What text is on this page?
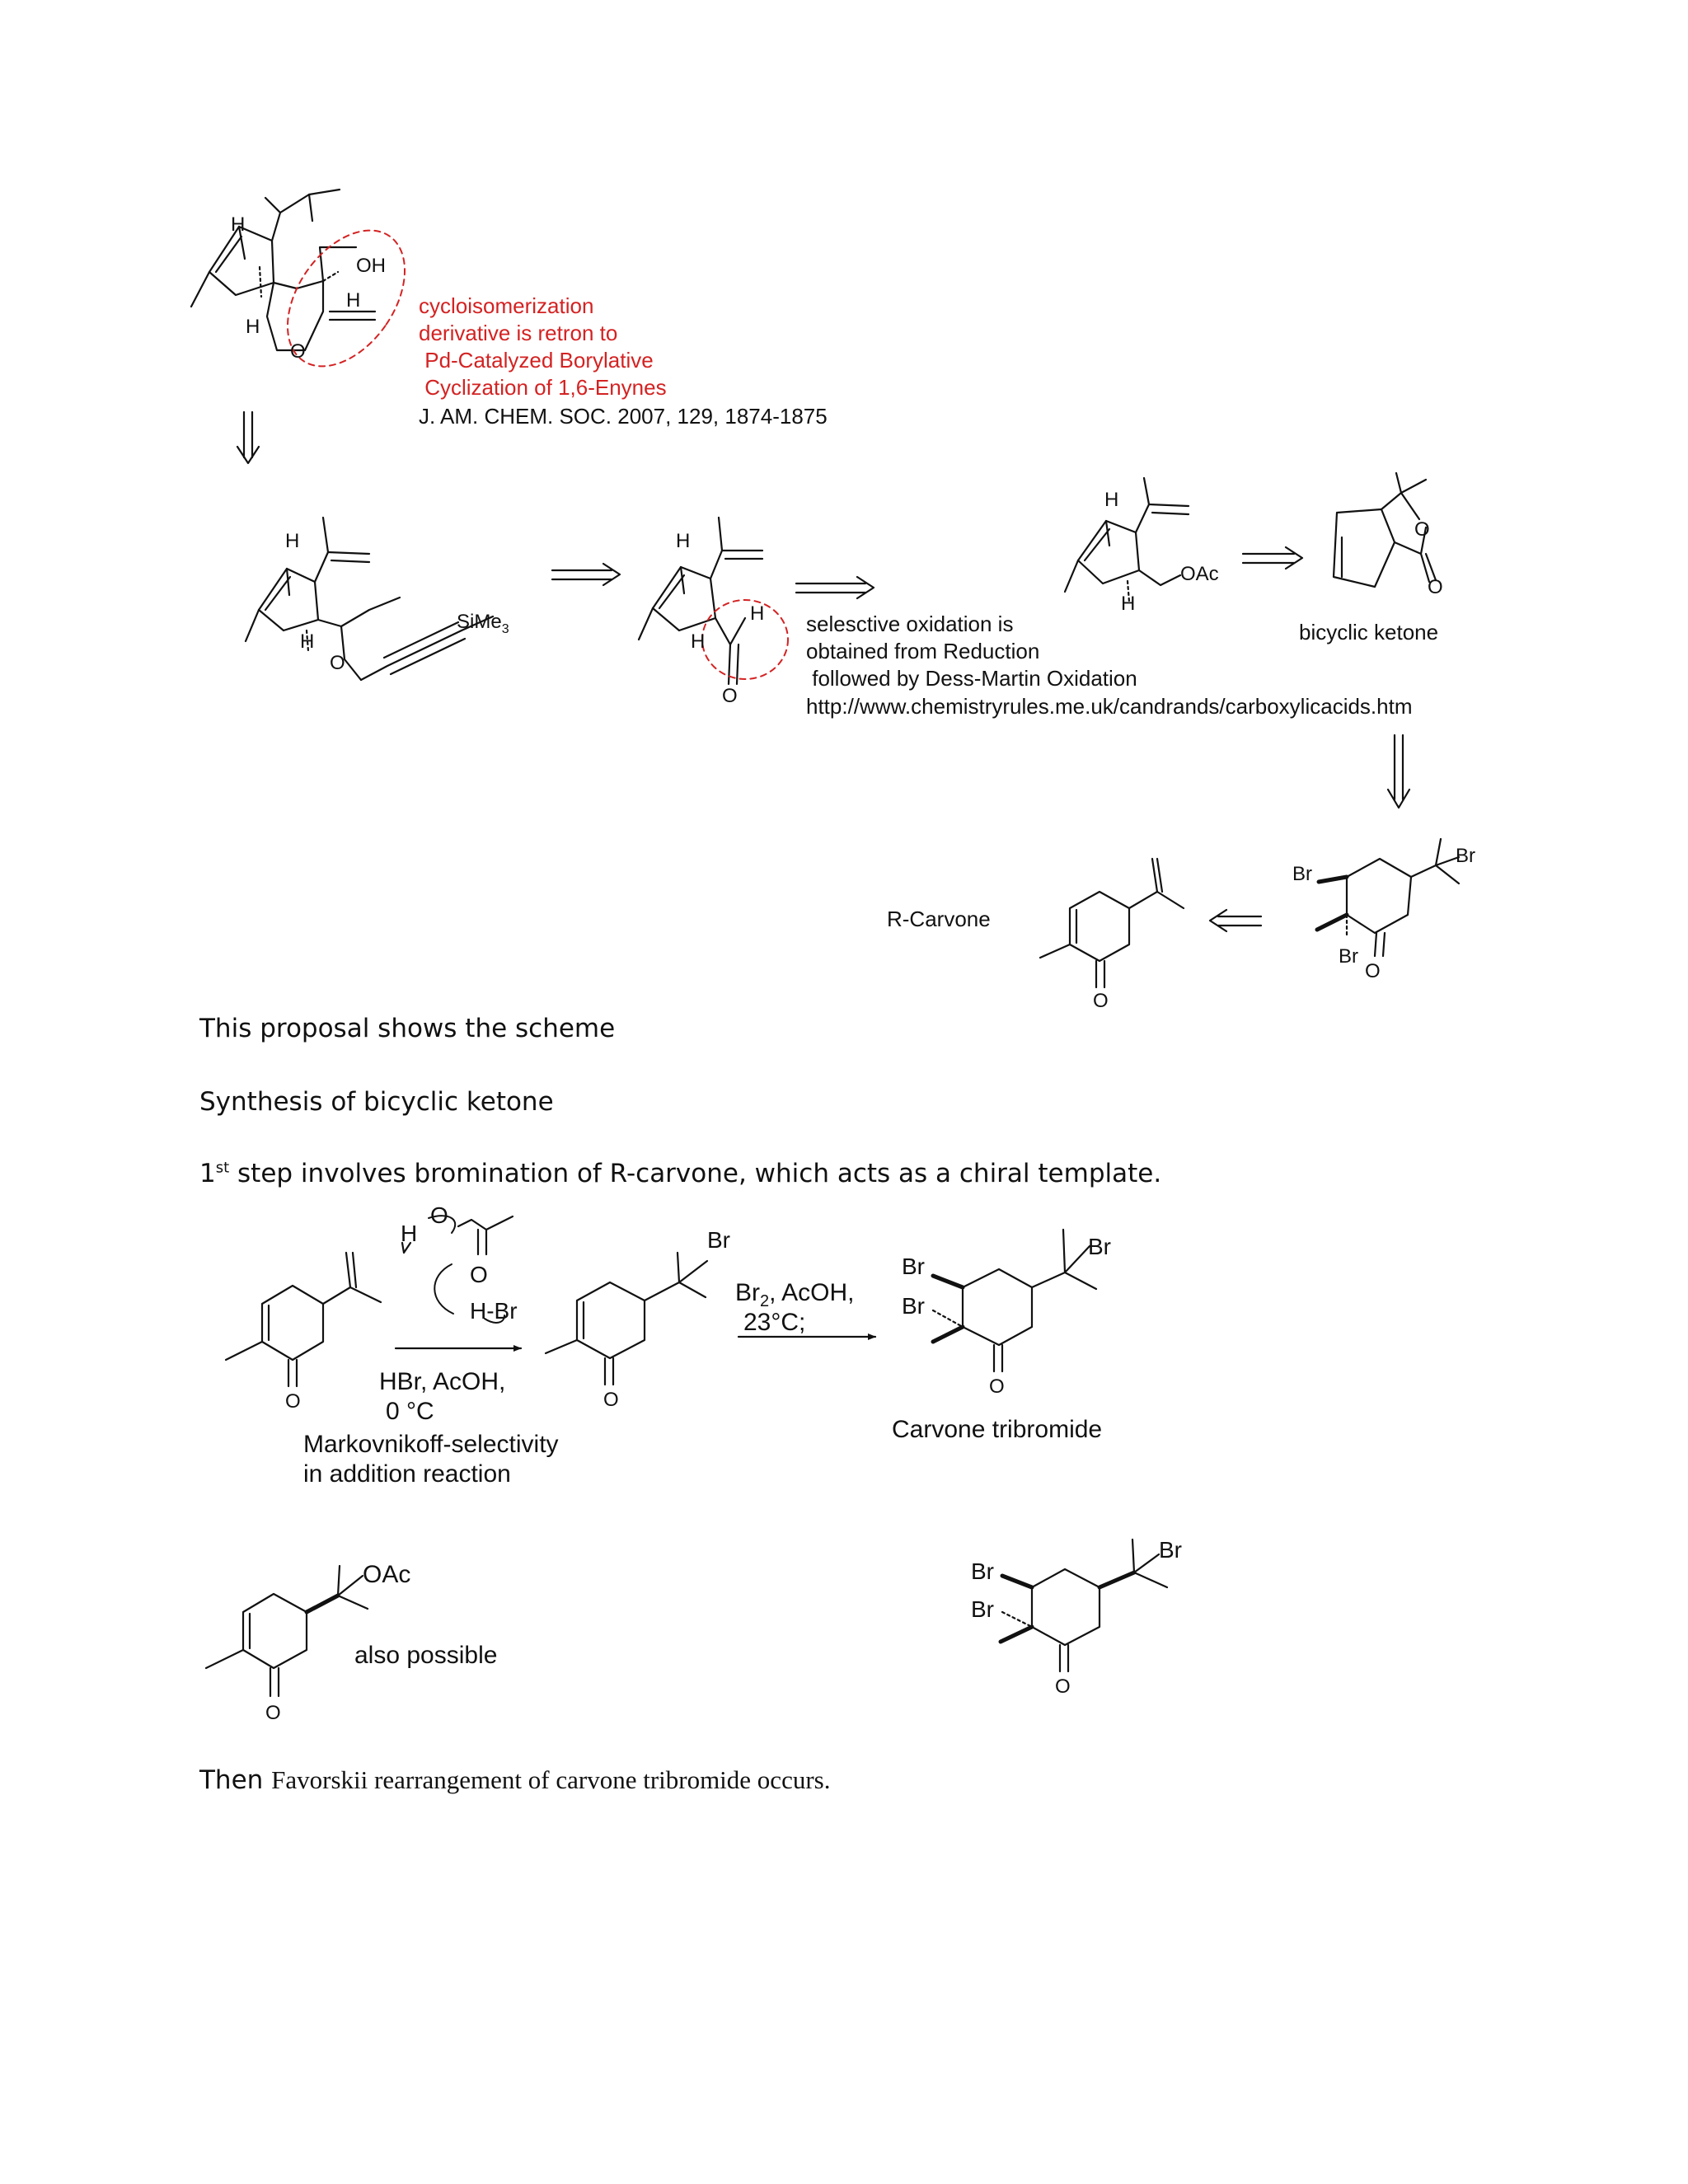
H
OH
H
H
O
H
H
O
SiMe$_3$
H
H
H
O
H
OAc
H
O
O
Br
Br
Br
O
O
O
H
O
O
H-Br
HBr, AcOH,
0 °C
Markovnikoff-selectivity
in addition reaction
O
Br
$Br_2$, AcOH,
23°C;
Br
Br
Br
O
OAc
O
Br
Br
Br
O
cycloisomerization
derivative is retron to
Pd-Catalyzed Borylative
Cyclization of 1,6-Enynes
J. AM. CHEM. SOC. 2007, 129, 1874-1875
selesctive oxidation is
obtained from Reduction
followed by Dess-Martin Oxidation
http://www.chemistryrules.me.uk/candrands/carboxylicacids.htm
bicyclic ketone
R-Carvone
Carvone tribromide
also possible
This proposal shows the scheme
Synthesis of bicyclic ketone
1st step involves bromination of R-carvone, which acts as a chiral template.
Then Favorskii rearrangement of carvone tribromide occurs.
